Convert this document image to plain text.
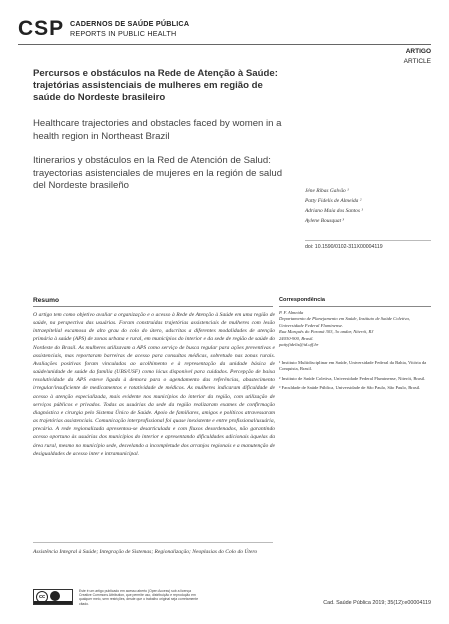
CSP CADERNOS DE SAÚDE PÚBLICA
REPORTS IN PUBLIC HEALTH
ARTIGO
ARTICLE
Percursos e obstáculos na Rede de Atenção à Saúde: trajetórias assistenciais de mulheres em região de saúde do Nordeste brasileiro
Healthcare trajectories and obstacles faced by women in a health region in Northeast Brazil
Itinerarios y obstáculos en la Red de Atención de Salud: trayectorias asistenciales de mujeres en la región de salud del Nordeste brasileño	Jéne Ribas Galvão ¹
Patty Fidelis de Almeida ²
Adriano Maia dos Santos ¹
Aylene Bousquat ³
doi: 10.1590/0102-311X00004119
Resumo
O artigo tem como objetivo avaliar a organização e o acesso à Rede de Atenção à Saúde em uma região de saúde, na perspectiva das usuárias. Foram construídas trajetórias assistenciais de mulheres com lesão intraepitelial escamosa de alto grau do colo do útero, adscritas a diferentes modalidades de atenção primária à saúde (APS) de zonas urbana e rural, em municípios do interior e da sede de região de saúde do Nordeste do Brasil. As mulheres utilizavam a APS como serviço de busca regular para ações preventivas e assistenciais, mas reportaram barreiras de acesso para consultas médicas, sobretudo nas zonas rurais. Avaliações positivas foram vinculadas ao acolhimento e à representação da unidade básica de saúde/unidade de saúde da família (UBS/USF) como lócus disponível para cuidados. Percepção de baixa resolutividade da APS esteve ligada à demora para o agendamento das referências, abastecimento irregular/insuficiente de medicamentos e rotatividade de médicos. As mulheres indicaram dificuldade de acesso à atenção especializada, mais evidente nos municípios do interior da região, com utilização de serviços públicos e privados. Todas as usuárias da sede da região realizaram exames de confirmação diagnóstica e cirurgia pelo Sistema Único de Saúde. Apoio de familiares, amigos e políticos atravessaram as trajetórias assistenciais. Comunicação interprofissional foi quase inexistente e entre profissional/usuária, precária. A rede regionalizada apresentou-se desarticulada e com fluxos desordenados, não garantindo acesso oportuno às usuárias dos municípios do interior e apresentando dificuldades adicionais àquelas da área rural, mesmo no município sede, desvelando a incompletude dos arranjos regionais e a manutenção de desigualdades de acesso inter e intramunicipal.
Assistência Integral à Saúde; Integração de Sistemas; Regionalização; Neoplasias do Colo do Útero
Correspondência
P. F. Almeida
Departamento de Planejamento em Saúde, Instituto de Saúde Coletiva, Universidade Federal Fluminense.
Rua Marquês do Paraná 303, 3o andar, Niterói, RJ
24030-900, Brasil.
pattyfidelis@id.uff.br

¹ Instituto Multidisciplinar em Saúde, Universidade Federal da Bahia, Vitória da Conquista, Brasil.

² Instituto de Saúde Coletiva, Universidade Federal Fluminense, Niterói, Brasil.

³ Faculdade de Saúde Pública, Universidade de São Paulo, São Paulo, Brasil.

cc
Este é um artigo publicado em acesso aberto (Open Access) sob a licença Creative Commons Attribution, que permite uso, distribuição e reprodução em qualquer meio, sem restrições, desde que o trabalho original seja corretamente citado.	Cad. Saúde Pública 2019; 35(12):e00004119
